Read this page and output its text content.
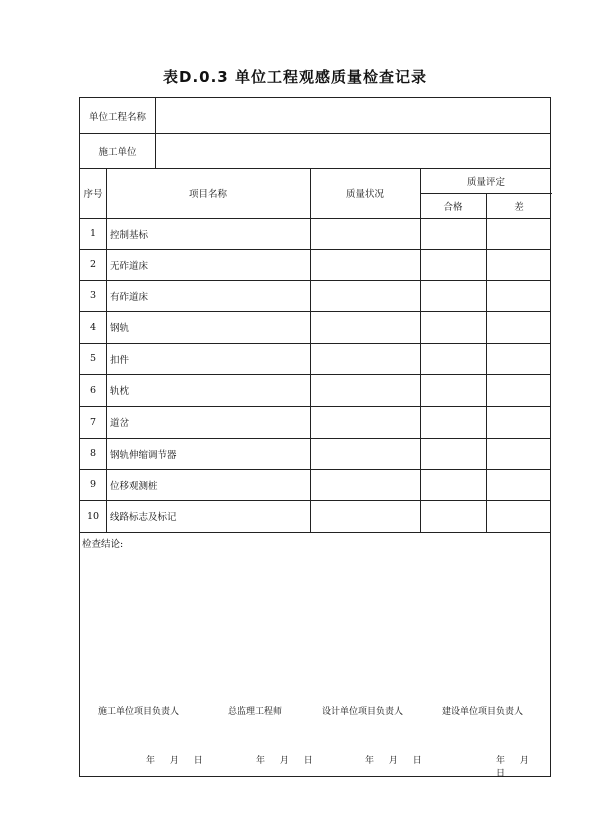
表D.0.3 单位工程观感质量检查记录
单位工程名称
施工单位
序号	项目名称	质量状况
质量评定
合格	差
1	控制基标
2	无砟道床
3	有砟道床
4	钢轨
5	扣件
6	轨枕
7	道岔
8	钢轨伸缩调节器
9	位移观测桩
10	线路标志及标记
检查结论:
施工单位项目负责人	总监理工程师	设计单位项目负责人	建设单位项目负责人
年 月 日	年 月 日	年 月 日	年 月 日
